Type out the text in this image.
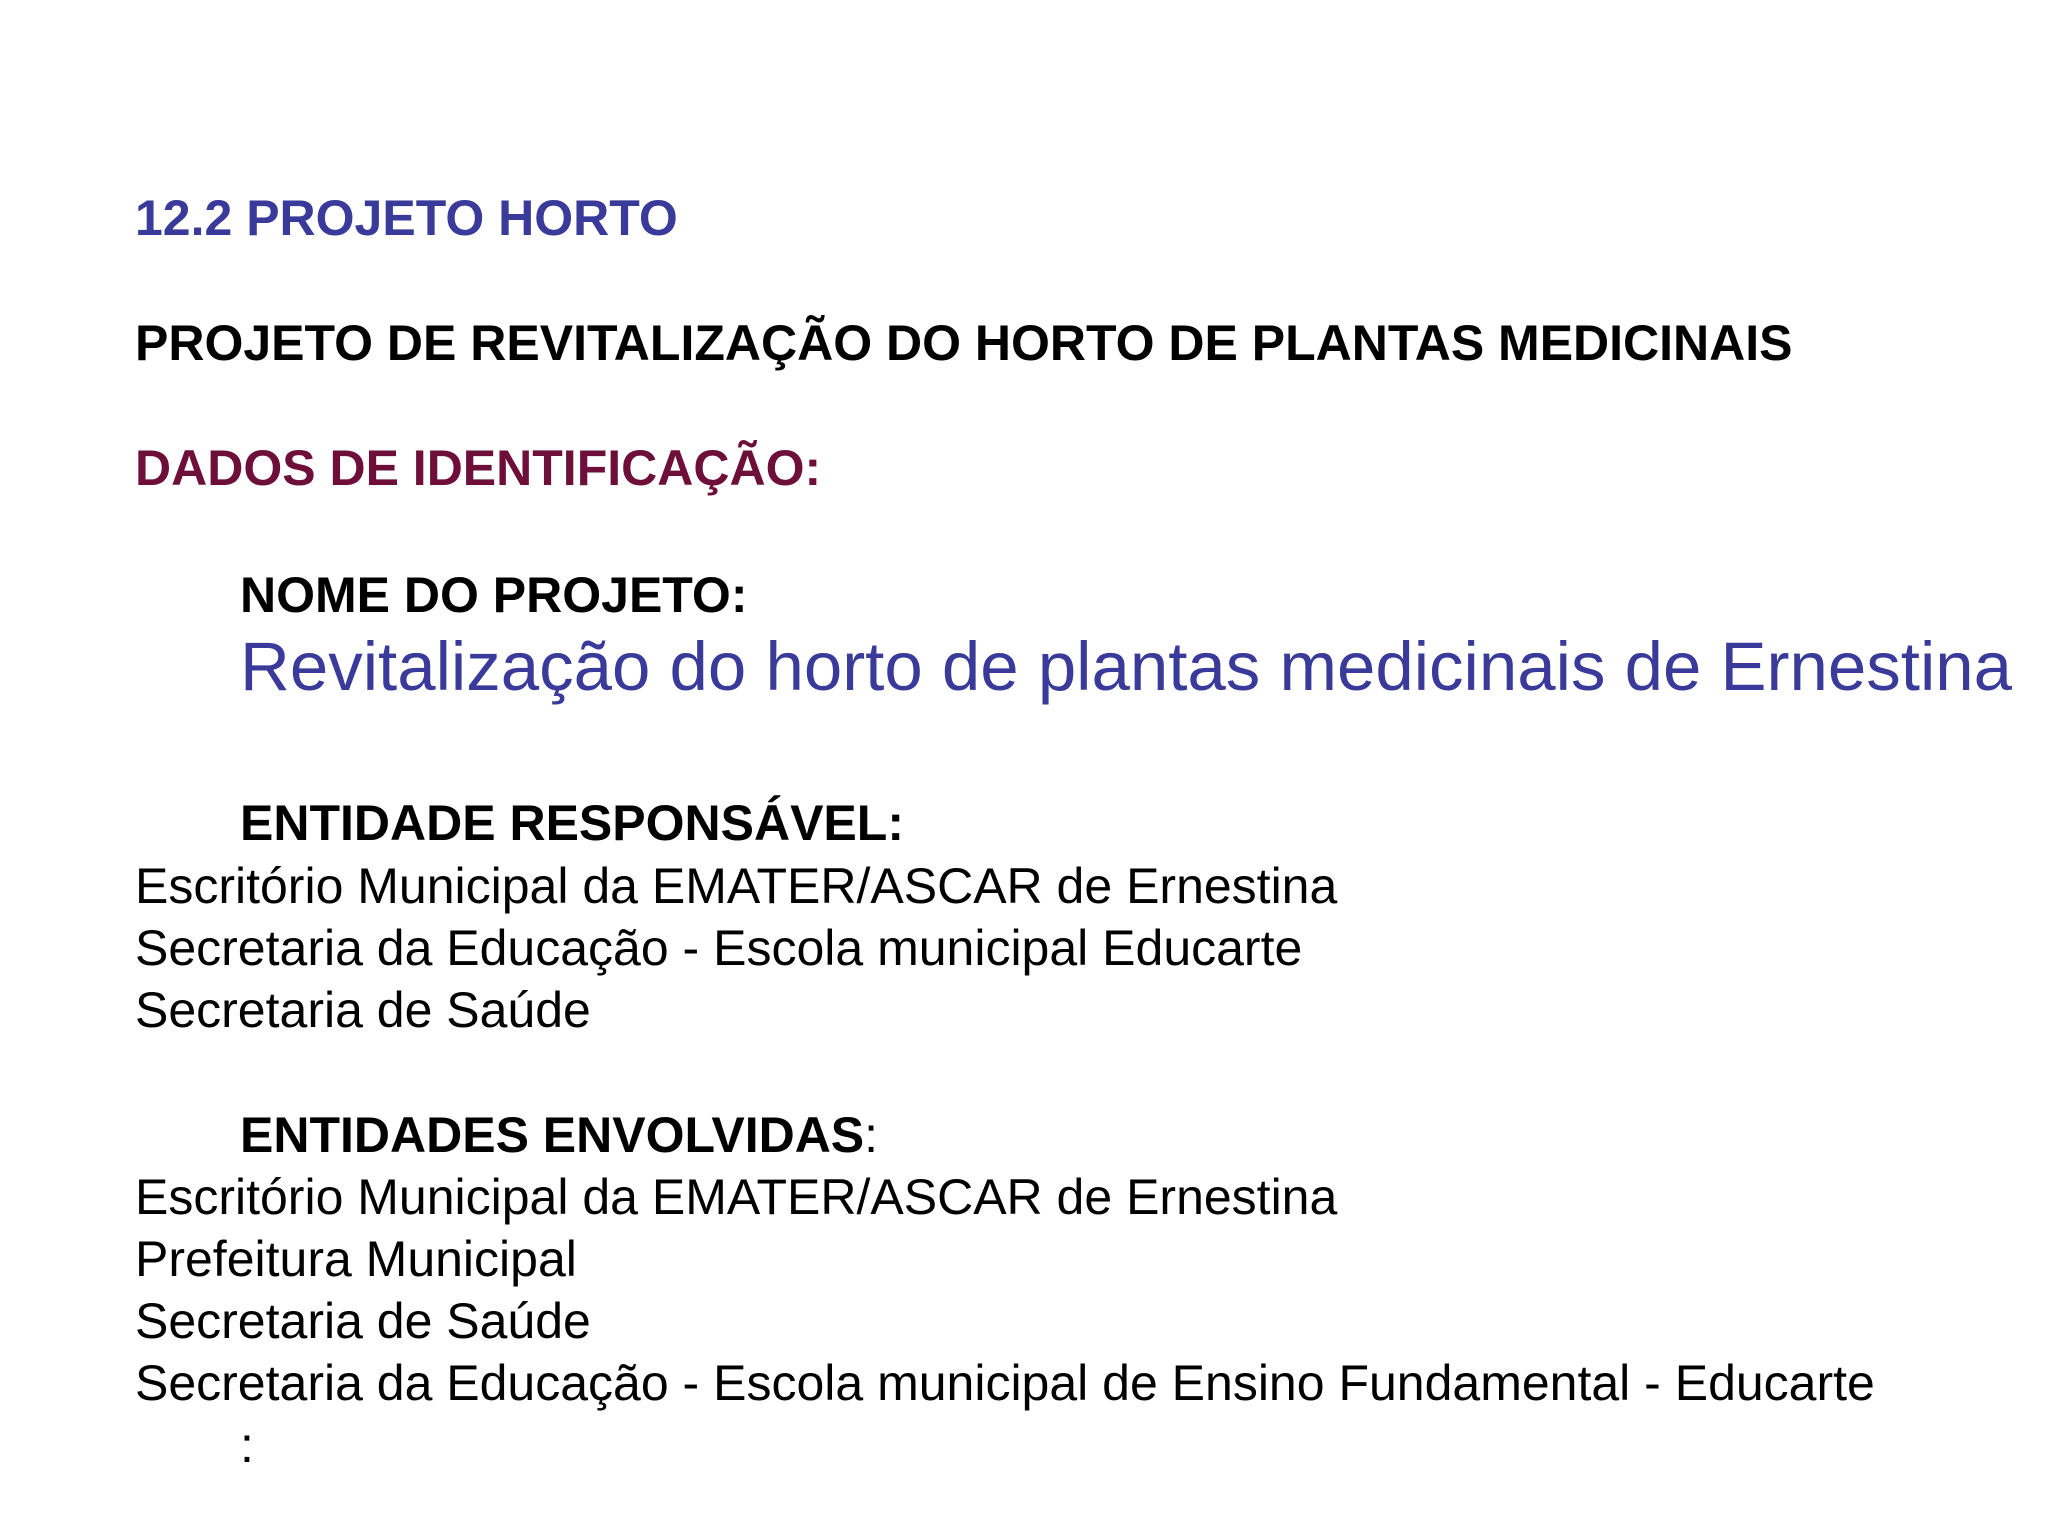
12.2 PROJETO HORTO
PROJETO DE REVITALIZAÇÃO DO HORTO DE PLANTAS MEDICINAIS
DADOS DE IDENTIFICAÇÃO:
NOME DO PROJETO:
Revitalização do horto de plantas medicinais de Ernestina
ENTIDADE RESPONSÁVEL:
Escritório Municipal da EMATER/ASCAR de Ernestina
Secretaria da Educação - Escola municipal Educarte
Secretaria de Saúde
ENTIDADES ENVOLVIDAS:
Escritório Municipal da EMATER/ASCAR de Ernestina
Prefeitura Municipal
Secretaria de Saúde
Secretaria da Educação - Escola municipal de Ensino Fundamental - Educarte
:
